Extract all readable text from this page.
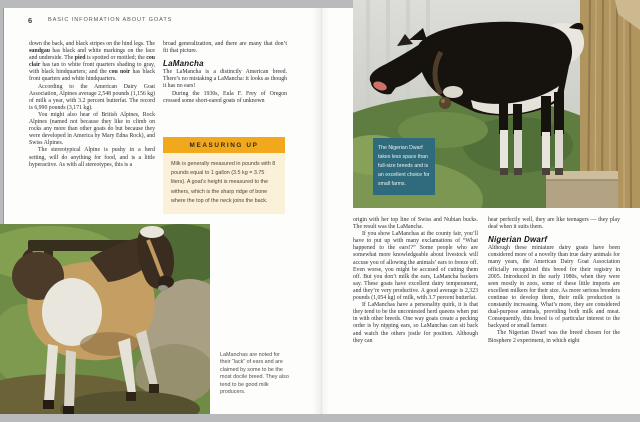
6	BASIC INFORMATION ABOUT GOATS

down the back, and black stripes on the hind legs. The sundgau has black and white markings on the face and underside. The pied is spotted or mottled; the cou clair has tan to white front quarters shading to gray, with black hindquarters; and the cou noir has black front quarters and white hindquarters.

According to the American Dairy Goat Association, Alpines average 2,548 pounds (1,156 kg) of milk a year, with 3.2 percent butterfat. The record is 6,990 pounds (3,171 kg).

You might also hear of British Alpines, Rock Alpines (named not because they like to climb on rocks any more than other goats do but because they were developed in America by Mary Edna Rock), and Swiss Alpines.

The stereotypical Alpine is pushy in a herd setting, will do anything for food, and is a little hyperactive. As with all stereotypes, this is a

broad generalization, and there are many that don’t fit that picture.

LaMancha

The LaMancha is a distinctly American breed. There’s no mistaking a LaMancha: it looks as though it has no ears!

During the 1930s, Eula F. Frey of Oregon crossed some short-eared goats of unknown

MEASURING UP
Milk is generally measured in pounds with 8 pounds equal to 1 gallon (3.5 kg = 3.75 liters). A goat’s height is measured to the withers, which is the sharp ridge of bone where the top of the neck joins the back.
The Nigerian Dwarf takes less space than full-size breeds and is an excellent choice for small farms.

origin with her top line of Swiss and Nubian bucks. The result was the LaMancha.

If you show LaManchas at the county fair, you’ll have to put up with many exclamations of “What happened to the ears!?” Some people who are somewhat more knowledgeable about livestock will accuse you of allowing the animals’ ears to freeze off. Even worse, you might be accused of cutting them off. But you don’t milk the ears, LaMancha backers say. These goats have excellent dairy temperament, and they’re very productive. A good average is 2,323 pounds (1,054 kg) of milk, with 3.7 percent butterfat.

If LaManchas have a personality quirk, it is that they tend to be the uncontested herd queens when put in with other breeds. One way goats create a pecking order is by nipping ears, so LaManchas can sit back and watch the others jostle for position. Although they can

hear perfectly well, they are like teenagers — they play deaf when it suits them.

Nigerian Dwarf

Although these miniature dairy goats have been considered more of a novelty than true dairy animals for many years, the American Dairy Goat Association officially recognized this breed for their registry in 2005. Introduced in the early 1980s, when they were seen mostly in zoos, some of these little imports are excellent milkers for their size. As more serious breeders continue to develop them, their milk production is constantly increasing. What’s more, they are considered dual-purpose animals, providing both milk and meat. Consequently, this breed is of particular interest to the backyard or small farmer.

The Nigerian Dwarf was the breed chosen for the Biosphere 2 experiment, in which eight

LaManchas are noted for their “lack” of ears and are claimed by some to be the most docile breed. They also tend to be good milk producers.
